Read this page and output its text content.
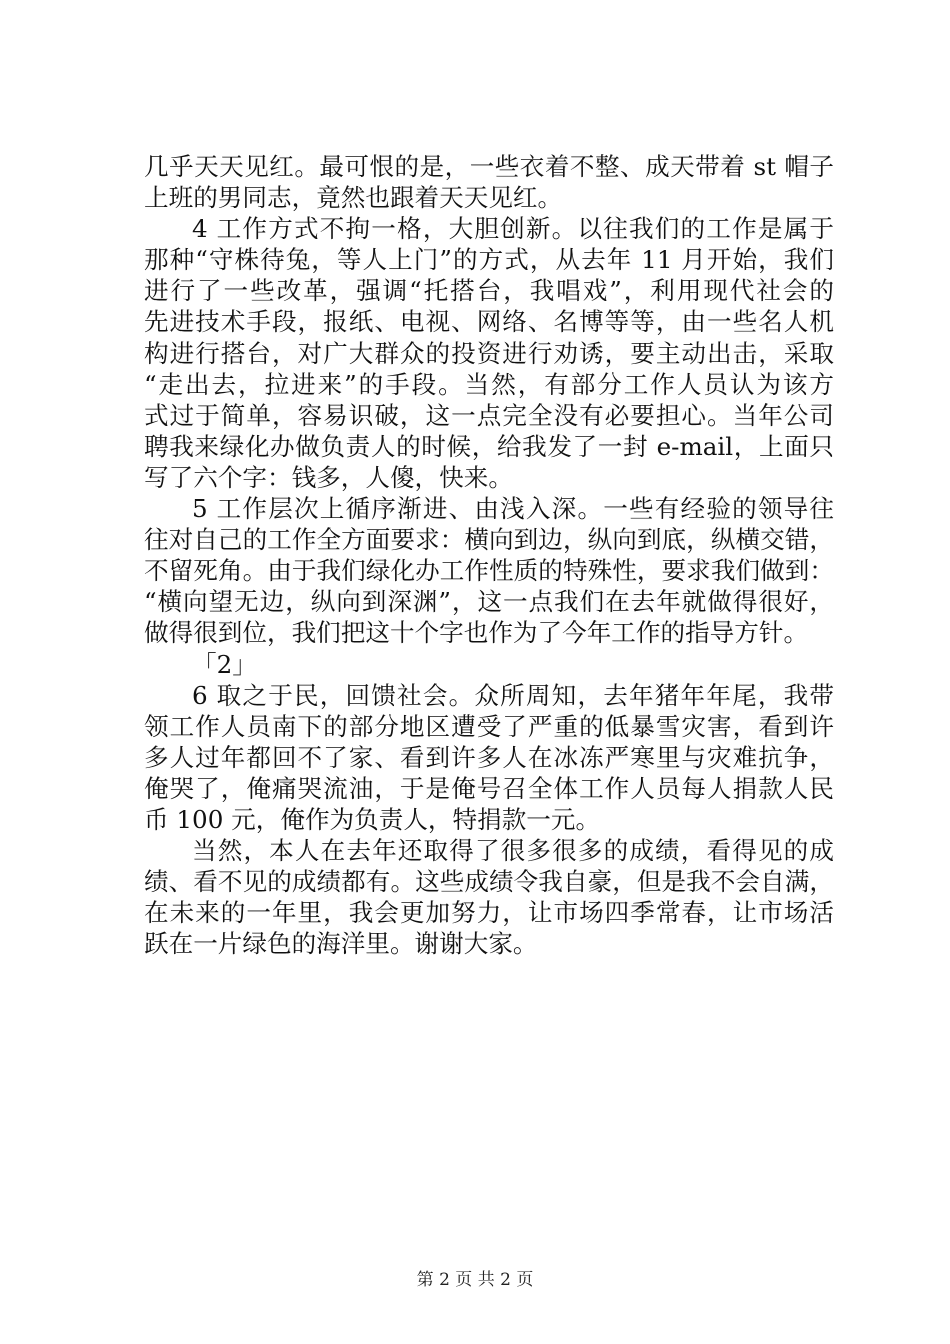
几乎天天见红。最可恨的是，一些衣着不整、成天带着 st 帽子
上班的男同志，竟然也跟着天天见红。
4 工作方式不拘一格，大胆创新。以往我们的工作是属于
那种“守株待兔，等人上门”的方式，从去年 11 月开始，我们
进行了一些改革，强调“托搭台，我唱戏”，利用现代社会的
先进技术手段，报纸、电视、网络、名博等等，由一些名人机
构进行搭台，对广大群众的投资进行劝诱，要主动出击，采取
“走出去，拉进来”的手段。当然，有部分工作人员认为该方
式过于简单，容易识破，这一点完全没有必要担心。当年公司
聘我来绿化办做负责人的时候，给我发了一封 e-mail，上面只
写了六个字：钱多，人傻，快来。
5 工作层次上循序渐进、由浅入深。一些有经验的领导往
往对自己的工作全方面要求：横向到边，纵向到底，纵横交错，
不留死角。由于我们绿化办工作性质的特殊性，要求我们做到：
“横向望无边，纵向到深渊”，这一点我们在去年就做得很好，
做得很到位，我们把这十个字也作为了今年工作的指导方针。
「2」
6 取之于民，回馈社会。众所周知，去年猪年年尾，我带
领工作人员南下的部分地区遭受了严重的低暴雪灾害，看到许
多人过年都回不了家、看到许多人在冰冻严寒里与灾难抗争，
俺哭了，俺痛哭流油，于是俺号召全体工作人员每人捐款人民
币 100 元，俺作为负责人，特捐款一元。
当然，本人在去年还取得了很多很多的成绩，看得见的成
绩、看不见的成绩都有。这些成绩令我自豪，但是我不会自满，
在未来的一年里，我会更加努力，让市场四季常春，让市场活
跃在一片绿色的海洋里。谢谢大家。
第 2 页 共 2 页
